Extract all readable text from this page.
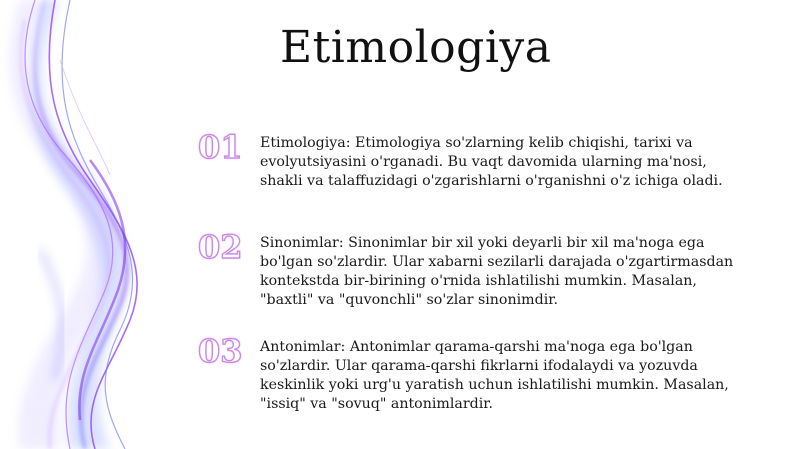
Etimologiya
01	Etimologiya: Etimologiya so'zlarning kelib chiqishi, tarixi va evolyutsiyasini o'rganadi. Bu vaqt davomida ularning ma'nosi, shakli va talaffuzidagi o'zgarishlarni o'rganishni o'z ichiga oladi.
02	Sinonimlar: Sinonimlar bir xil yoki deyarli bir xil ma'noga ega bo'lgan so'zlardir. Ular xabarni sezilarli darajada o'zgartirmasdan kontekstda bir-birining o'rnida ishlatilishi mumkin. Masalan, "baxtli" va "quvonchli" so'zlar sinonimdir.
03	Antonimlar: Antonimlar qarama-qarshi ma'noga ega bo'lgan so'zlardir. Ular qarama-qarshi fikrlarni ifodalaydi va yozuvda keskinlik yoki urg'u yaratish uchun ishlatilishi mumkin. Masalan, "issiq" va "sovuq" antonimlardir.
